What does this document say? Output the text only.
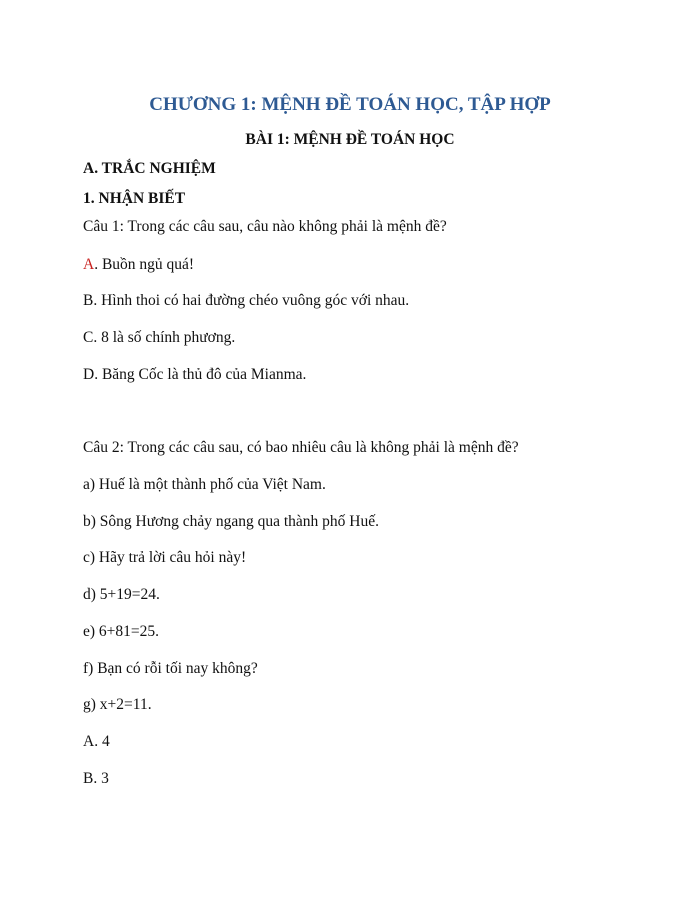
CHƯƠNG 1: MỆNH ĐỀ TOÁN HỌC, TẬP HỢP
BÀI 1: MỆNH ĐỀ TOÁN HỌC
A. TRẮC NGHIỆM
1. NHẬN BIẾT
Câu 1: Trong các câu sau, câu nào không phải là mệnh đề?
A. Buồn ngủ quá!
B. Hình thoi có hai đường chéo vuông góc với nhau.
C. 8 là số chính phương.
D. Băng Cốc là thủ đô của Mianma.
Câu 2: Trong các câu sau, có bao nhiêu câu là không phải là mệnh đề?
a) Huế là một thành phố của Việt Nam.
b) Sông Hương chảy ngang qua thành phố Huế.
c) Hãy trả lời câu hỏi này!
d) 5+19=24.
e) 6+81=25.
f) Bạn có rỗi tối nay không?
g) x+2=11.
A. 4
B. 3
